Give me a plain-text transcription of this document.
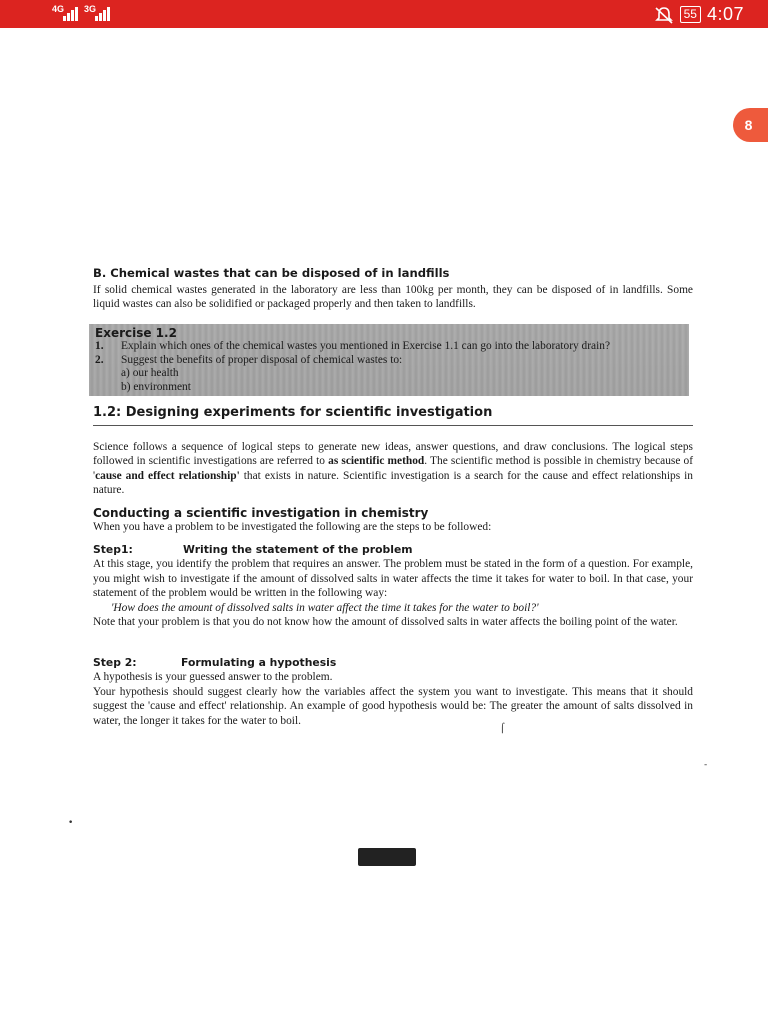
4G 3G	55 4:07
8
B. Chemical wastes that can be disposed of in landfills

If solid chemical wastes generated in the laboratory are less than 100kg per month, they can be disposed of in landfills. Some liquid wastes can also be solidified or packaged properly and then taken to landfills.

Exercise 1.2
1.	Explain which ones of the chemical wastes you mentioned in Exercise 1.1 can go into the laboratory drain?
2.	Suggest the benefits of proper disposal of chemical wastes to:
a) our health
b) environment
1.2: Designing experiments for scientific investigation

Science follows a sequence of logical steps to generate new ideas, answer questions, and draw conclusions. The logical steps followed in scientific investigations are referred to as scientific method. The scientific method is possible in chemistry because of 'cause and effect relationship' that exists in nature. Scientific investigation is a search for the cause and effect relationships in nature.

Conducting a scientific investigation in chemistry

When you have a problem to be investigated the following are the steps to be followed:

Step1:	Writing the statement of the problem

At this stage, you identify the problem that requires an answer. The problem must be stated in the form of a question. For example, you might wish to investigate if the amount of dissolved salts in water affects the time it takes for water to boil. In that case, your statement of the problem would be written in the following way:

'How does the amount of dissolved salts in water affect the time it takes for the water to boil?'

Note that your problem is that you do not know how the amount of dissolved salts in water affects the boiling point of the water.

Step 2:	Formulating a hypothesis

A hypothesis is your guessed answer to the problem.

Your hypothesis should suggest clearly how the variables affect the system you want to investigate. This means that it should suggest the 'cause and effect' relationship. An example of good hypothesis would be: The greater the amount of salts dissolved in water, the longer it takes for the water to boil.

⌠
‐
•
